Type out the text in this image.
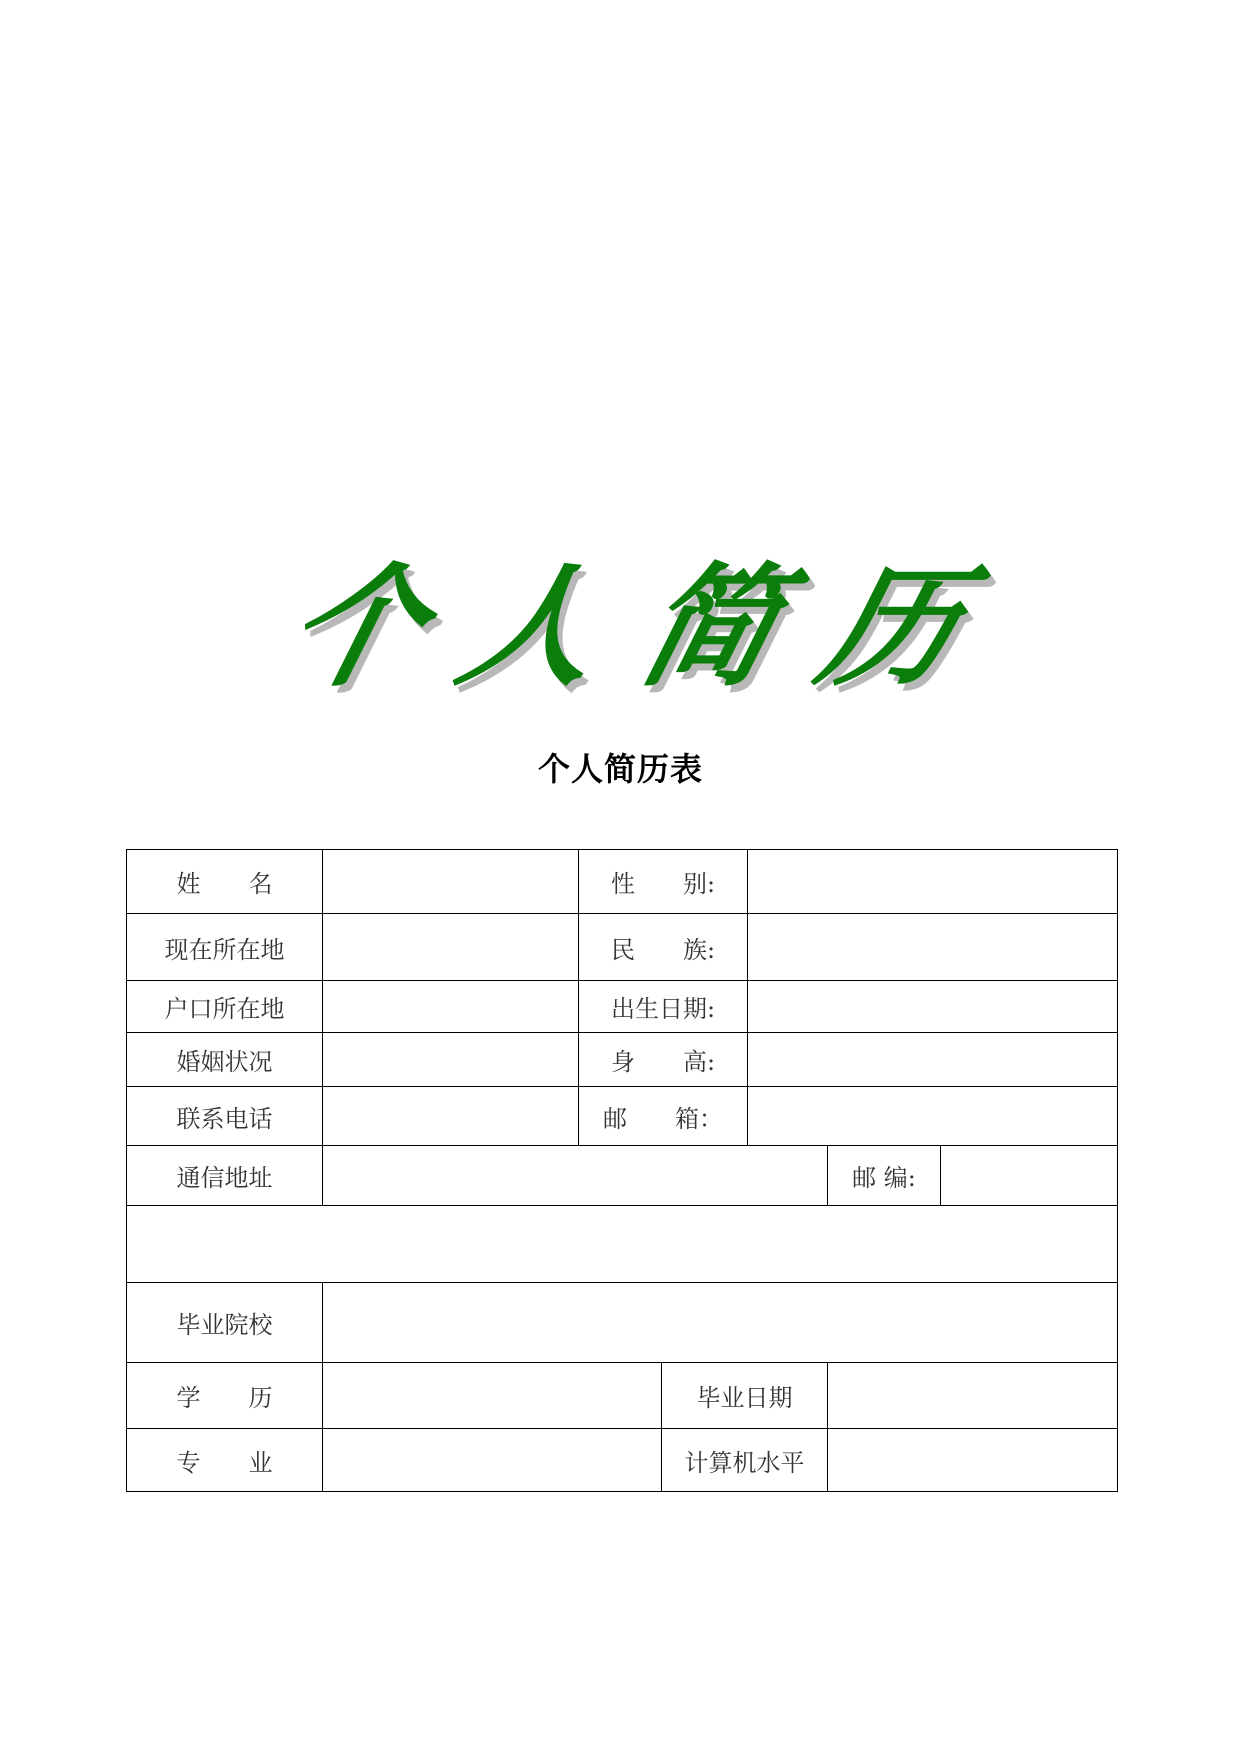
个 人 简 历
个人简历表
姓　　名		性　　别:				
现在所在地		民　　族:				
户口所在地		出生日期:				
婚姻状况		身　　高:				
联系电话		邮　　箱：				
通信地址					邮 编:	

毕业院校						
学　　历			毕业日期			
专　　业			计算机水平			
